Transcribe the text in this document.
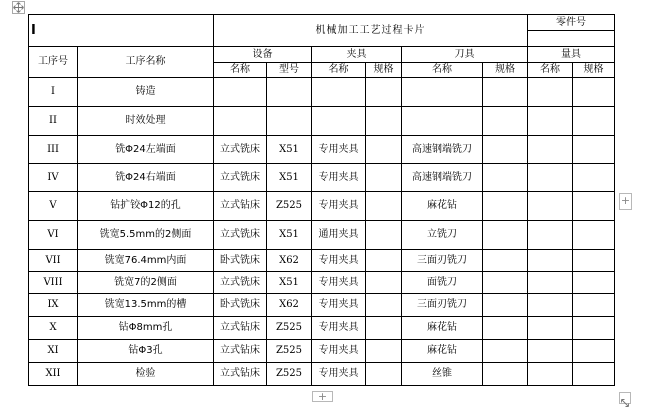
I		机械加工工艺过程卡片						零件号	

工序号	工序名称	设备		夹具		刀具		量具	
		名称	型号	名称	规格	名称	规格	名称	规格
I	铸造								
II	时效处理								
III	铣Φ24左端面	立式铣床	X51	专用夹具		高速钢端铣刀			
IV	铣Φ24右端面	立式铣床	X51	专用夹具		高速钢端铣刀			
V	钻扩铰Φ12的孔	立式钻床	Z525	专用夹具		麻花钻			
VI	铣宽5.5mm的2侧面	立式铣床	X51	通用夹具		立铣刀			
VII	铣宽76.4mm内面	卧式铣床	X62	专用夹具		三面刃铣刀			
VIII	铣宽7的2侧面	立式铣床	X51	专用夹具		面铣刀			
IX	铣宽13.5mm的槽	卧式铣床	X62	专用夹具		三面刃铣刀			
X	钻Φ8mm孔	立式钻床	Z525	专用夹具		麻花钻			
XI	钻Φ3孔	立式钻床	Z525	专用夹具		麻花钻			
XII	检验	立式钻床	Z525	专用夹具		丝锥			
+
+
